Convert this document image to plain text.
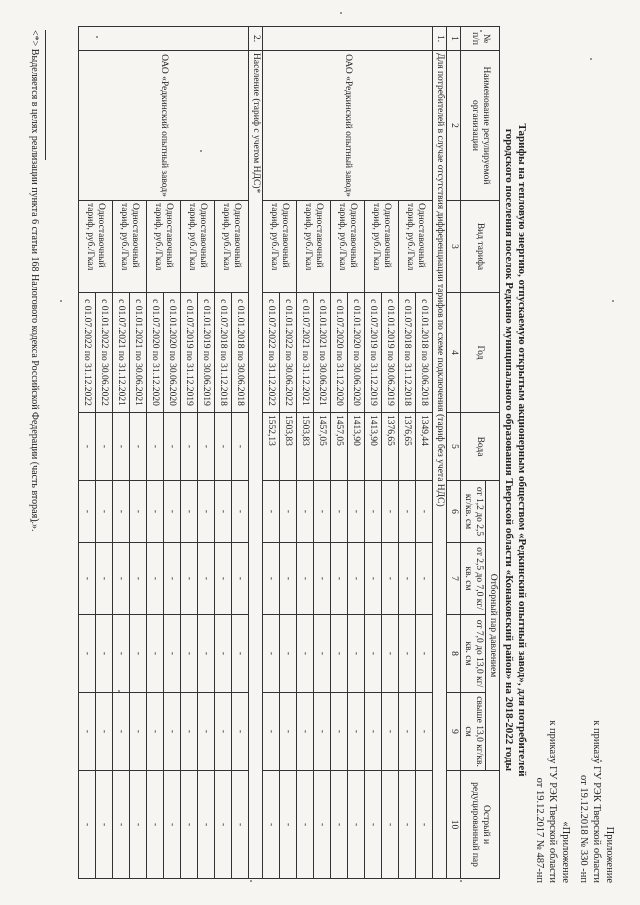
Приложение
к приказу ГУ РЭК Тверской области
от 19.12.2018 № 330 -нп
«Приложение
к приказу ГУ РЭК Тверской области
от 19.12.2017 № 487-нп
Тарифы на тепловую энергию, отпускаемую открытым акционерным обществом «Редкинский опытный завод», для потребителей
городского поселения поселок Редкино муниципального образования Тверской области «Конаковский район» на 2018-2022 годы
№ п/п	Наименование регулируемой организации	Вид тарифа	Год	Вода	Отборный пар давлением				Острый и редуцированный пар
					от 1,2 до 2,5 кг/кв. см	от 2,5 до 7,0 кг/кв. см	от 7,0 до 13,0 кг/кв. см	свыше 13,0 кг/кв. см	
1	2	3	4	5	6	7	8	9	10
1.	Для потребителей в случае отсутствия дифференциации тарифов по схеме подключения (тариф без учета НДС)								
	ОАО «Редкинский опытный завод»	Одноставочный тариф, руб./Гкал	с 01.01.2018 по 30.06.2018	1349,44	-	-	-	-	-
			с 01.07.2018 по 31.12.2018	1376,65	-	-	-	-	-
		Одноставочный тариф, руб./Гкал	с 01.01.2019 по 30.06.2019	1376,65	-	-	-	-	-
			с 01.07.2019 по 31.12.2019	1413,90	-	-	-	-	-
		Одноставочный тариф, руб./Гкал	с 01.01.2020 по 30.06.2020	1413,90	-	-	-	-	-
			с 01.07.2020 по 31.12.2020	1457,05	-	-	-	-	-
		Одноставочный тариф, руб./Гкал	с 01.01.2021 по 30.06.2021	1457,05	-	-	-	-	-
			с 01.07.2021 по 31.12.2021	1503,83	-	-	-	-	-
		Одноставочный тариф, руб./Гкал	с 01.01.2022 по 30.06.2022	1503,83	-	-	-	-	-
			с 01.07.2022 по 31.12.2022	1552,13	-	-	-	-	-
2.	Население (тариф с учетом НДС)*								
	ОАО «Редкинский опытный завод»	Одноставочный тариф, руб./Гкал	с 01.01.2018 по 30.06.2018	-	-	-	-	-	-
			с 01.07.2018 по 31.12.2018	-	-	-	-	-	-
		Одноставочный тариф, руб./Гкал	с 01.01.2019 по 30.06.2019	-	-	-	-	-	-
			с 01.07.2019 по 31.12.2019	-	-	-	-	-	-
		Одноставочный тариф, руб./Гкал	с 01.01.2020 по 30.06.2020	-	-	-	-	-	-
			с 01.07.2020 по 31.12.2020	-	-	-	-	-	-
		Одноставочный тариф, руб./Гкал	с 01.01.2021 по 30.06.2021	-	-	-	-	-	-
			с 01.07.2021 по 31.12.2021	-	-	-	-	-	-
		Одноставочный тариф, руб./Гкал	с 01.01.2022 по 30.06.2022	-	-	-	-	-	-
			с 01.07.2022 по 31.12.2022	-	-	-	-	-	-
<*> Выделяется в целях реализации пункта 6 статьи 168 Налогового кодекса Российской Федерации (часть вторая).».
